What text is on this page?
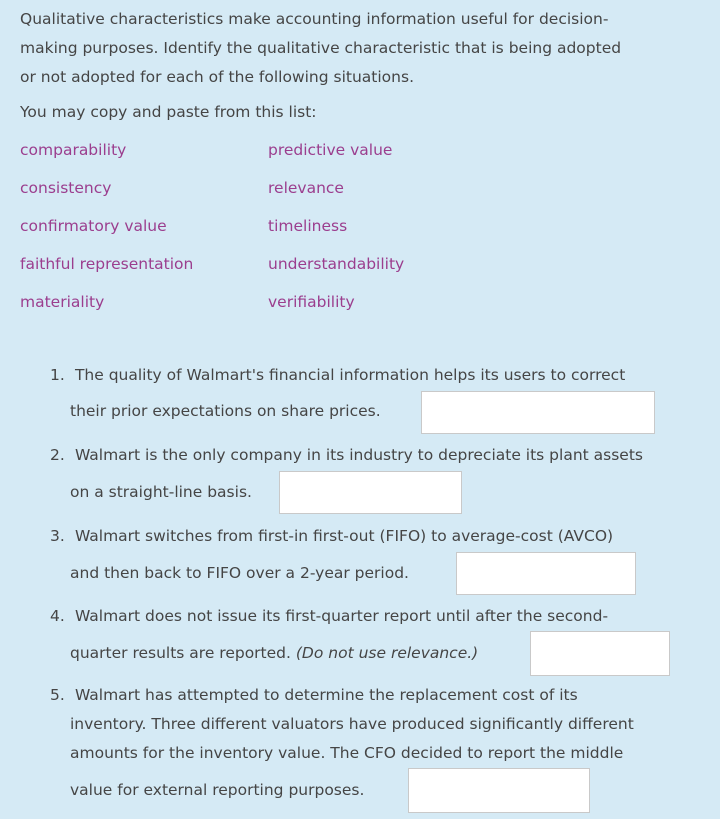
Qualitative characteristics make accounting information useful for decision-
making purposes. Identify the qualitative characteristic that is being adopted
or not adopted for each of the following situations.
You may copy and paste from this list:
comparability
consistency
confirmatory value
faithful representation
materiality
predictive value
relevance
timeliness
understandability
verifiability
1. The quality of Walmart's financial information helps its users to correct
their prior expectations on share prices.
2. Walmart is the only company in its industry to depreciate its plant assets
on a straight-line basis.
3. Walmart switches from first-in first-out (FIFO) to average-cost (AVCO)
and then back to FIFO over a 2-year period.
4. Walmart does not issue its first-quarter report until after the second-
quarter results are reported. (Do not use relevance.)
5. Walmart has attempted to determine the replacement cost of its
inventory. Three different valuators have produced significantly different
amounts for the inventory value. The CFO decided to report the middle
value for external reporting purposes.
